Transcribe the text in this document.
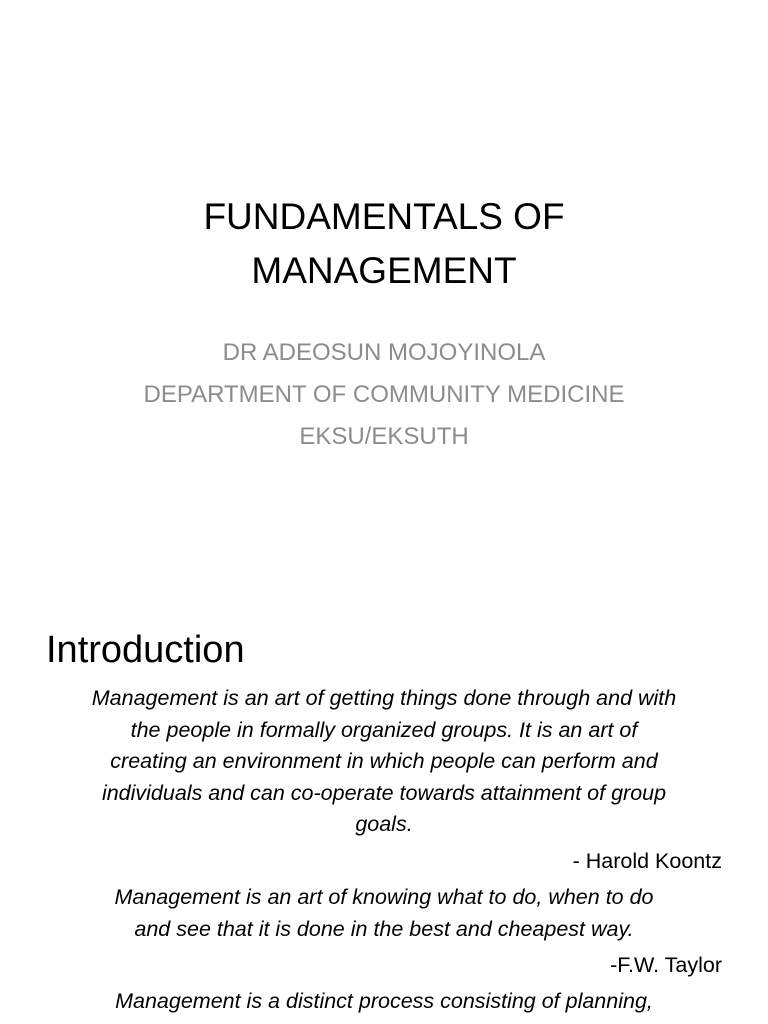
FUNDAMENTALS OF
MANAGEMENT
DR ADEOSUN MOJOYINOLA
DEPARTMENT OF COMMUNITY MEDICINE
EKSU/EKSUTH
Introduction
Management is an art of getting things done through and with
the people in formally organized groups. It is an art of
creating an environment in which people can perform and
individuals and can co-operate towards attainment of group
goals.
- Harold Koontz
Management is an art of knowing what to do, when to do
and see that it is done in the best and cheapest way.
-F.W. Taylor
Management is a distinct process consisting of planning,
